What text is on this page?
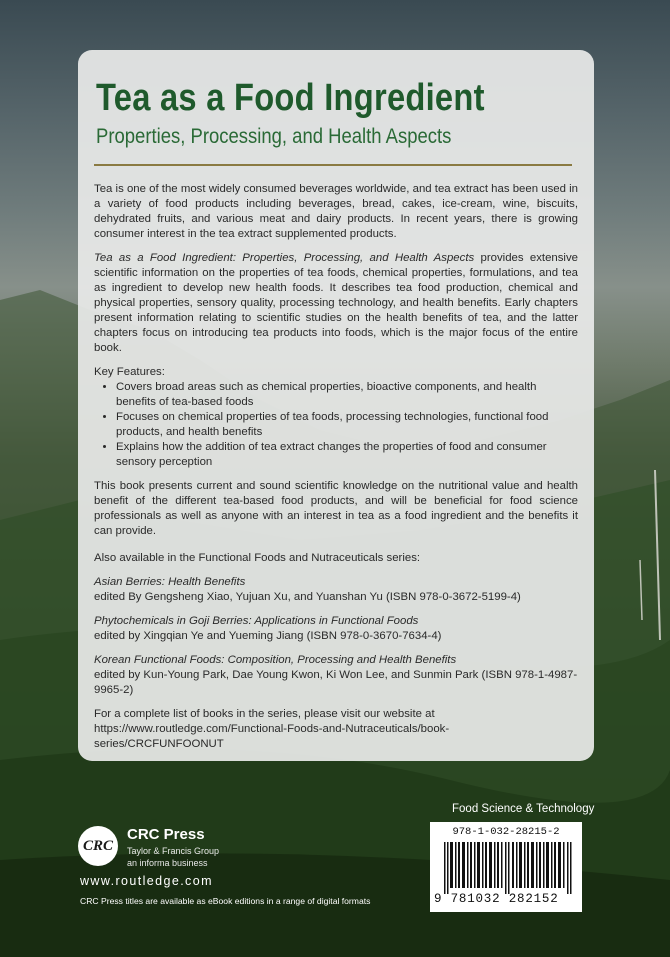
Tea as a Food Ingredient
Properties, Processing, and Health Aspects

Tea is one of the most widely consumed beverages worldwide, and tea extract has been used in a variety of food products including beverages, bread, cakes, ice-cream, wine, biscuits, dehydrated fruits, and various meat and dairy products. In recent years, there is growing consumer interest in the tea extract supplemented products.

Tea as a Food Ingredient: Properties, Processing, and Health Aspects provides extensive scientific information on the properties of tea foods, chemical properties, formulations, and tea as ingredient to develop new health foods. It describes tea food production, chemical and physical properties, sensory quality, processing technology, and health benefits. Early chapters present information relating to scientific studies on the health benefits of tea, and the latter chapters focus on introducing tea products into foods, which is the major focus of the entire book.

Key Features:

• Covers broad areas such as chemical properties, bioactive components, and health benefits of tea-based foods
• Focuses on chemical properties of tea foods, processing technologies, functional food products, and health benefits
• Explains how the addition of tea extract changes the properties of food and consumer sensory perception

This book presents current and sound scientific knowledge on the nutritional value and health benefit of the different tea-based food products, and will be beneficial for food science professionals as well as anyone with an interest in tea as a food ingredient and the benefits it can provide.

Also available in the Functional Foods and Nutraceuticals series:

Asian Berries: Health Benefits
edited By Gengsheng Xiao, Yujuan Xu, and Yuanshan Yu (ISBN 978-0-3672-5199-4)
Phytochemicals in Goji Berries: Applications in Functional Foods
edited by Xingqian Ye and Yueming Jiang (ISBN 978-0-3670-7634-4)
Korean Functional Foods: Composition, Processing and Health Benefits
edited by Kun-Young Park, Dae Young Kwon, Ki Won Lee, and Sunmin Park (ISBN 978-1-4987-9965-2)

For a complete list of books in the series, please visit our website at

https://www.routledge.com/Functional-Foods-and-Nutraceuticals/book-series/CRCFUNFOONUT

Food Science & Technology
978-1-032-28215-2
9 781032 282152
CRC
CRC Press
Taylor & Francis Group
an informa business
www.routledge.com
CRC Press titles are available as eBook editions in a range of digital formats
